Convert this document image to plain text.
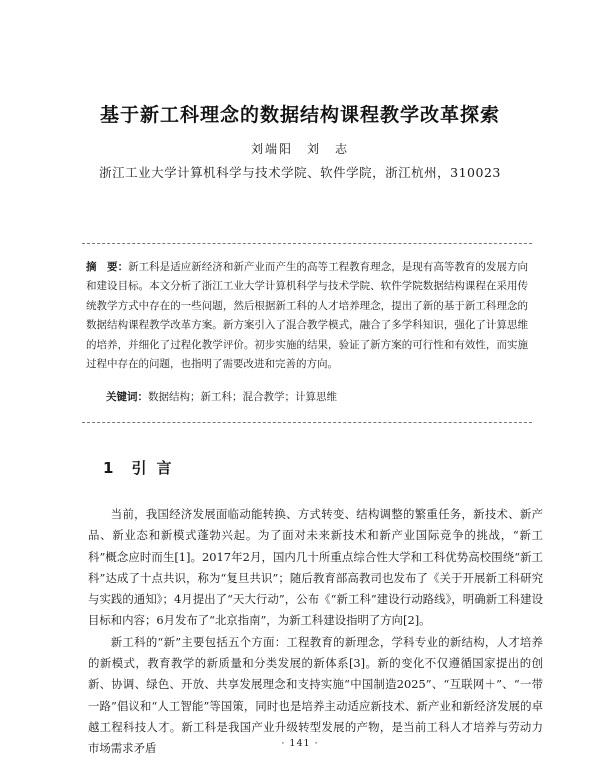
基于新工科理念的数据结构课程教学改革探索
刘端阳　刘　志
浙江工业大学计算机科学与技术学院、软件学院，浙江杭州，310023
摘　要：新工科是适应新经济和新产业而产生的高等工程教育理念，是现有高等教育的发展方向和建设目标。本文分析了浙江工业大学计算机科学与技术学院、软件学院数据结构课程在采用传统教学方式中存在的一些问题，然后根据新工科的人才培养理念，提出了新的基于新工科理念的数据结构课程教学改革方案。新方案引入了混合教学模式，融合了多学科知识，强化了计算思维的培养，并细化了过程化教学评价。初步实施的结果，验证了新方案的可行性和有效性，而实施过程中存在的问题，也指明了需要改进和完善的方向。
关键词：数据结构；新工科；混合教学；计算思维
1 引言

当前，我国经济发展面临动能转换、方式转变、结构调整的繁重任务，新技术、新产品、新业态和新模式蓬勃兴起。为了面对未来新技术和新产业国际竞争的挑战，“新工科”概念应时而生[1]。2017年2月，国内几十所重点综合性大学和工科优势高校围绕“新工科”达成了十点共识，称为“复旦共识”；随后教育部高教司也发布了《关于开展新工科研究与实践的通知》；4月提出了“天大行动”，公布《“新工科”建设行动路线》，明确新工科建设目标和内容；6月发布了“北京指南”，为新工科建设指明了方向[2]。

新工科的“新”主要包括五个方面：工程教育的新理念，学科专业的新结构，人才培养的新模式，教育教学的新质量和分类发展的新体系[3]。新的变化不仅遵循国家提出的创新、协调、绿色、开放、共享发展理念和支持实施“中国制造2025”、“互联网＋”、“一带一路”倡议和“人工智能”等国策，同时也是培养主动适应新技术、新产业和新经济发展的卓越工程科技人才。新工科是我国产业升级转型发展的产物，是当前工科人才培养与劳动力市场需求矛盾	· 141 ·
